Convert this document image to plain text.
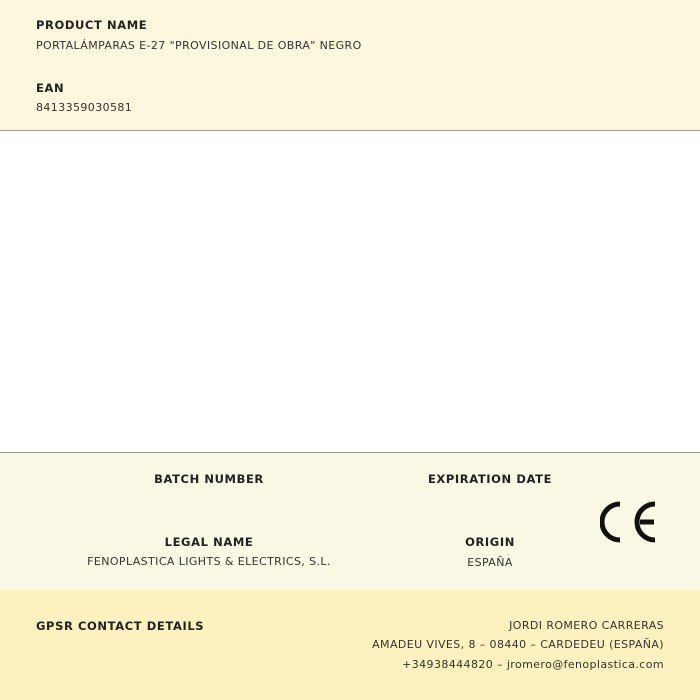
PRODUCT NAME
PORTALÁMPARAS E-27 "PROVISIONAL DE OBRA" NEGRO
EAN
8413359030581
BATCH NUMBER	EXPIRATION DATE
LEGAL NAME
FENOPLASTICA LIGHTS & ELECTRICS, S.L.
ORIGIN
ESPAÑA
GPSR CONTACT DETAILS	JORDI ROMERO CARRERAS
AMADEU VIVES, 8 – 08440 – CARDEDEU (ESPAÑA)
+34938444820 – jromero@fenoplastica.com
